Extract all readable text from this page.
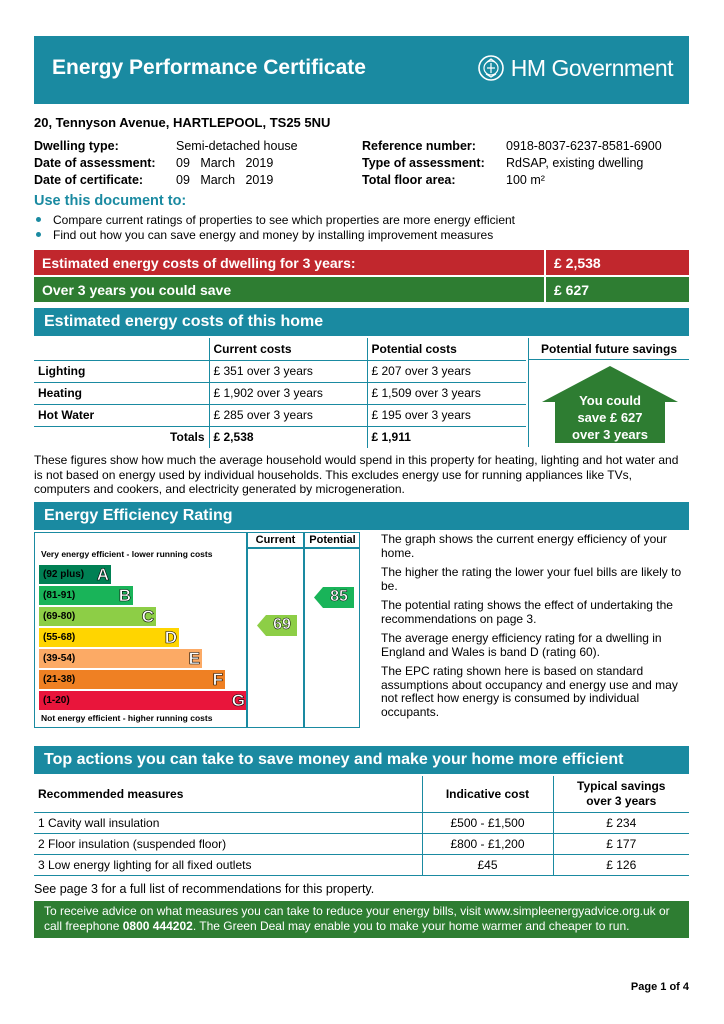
Energy Performance Certificate	HM Government
20, Tennyson Avenue, HARTLEPOOL, TS25 5NU
Dwelling type:	Semi-detached house
Date of assessment:	09   March   2019
Date of certificate:	09   March   2019
Reference number:	0918-8037-6237-8581-6900
Type of assessment:	RdSAP, existing dwelling
Total floor area:	100 m²
Use this document to:
Compare current ratings of properties to see which properties are more energy efficient
Find out how you can save energy and money by installing improvement measures
Estimated energy costs of dwelling for 3 years:	£ 2,538
Over 3 years you could save	£ 627
Estimated energy costs of this home
	Current costs	Potential costs
Lighting	£ 351 over 3 years	£ 207 over 3 years
Heating	£ 1,902 over 3 years	£ 1,509 over 3 years
Hot Water	£ 285 over 3 years	£ 195 over 3 years
Totals	£ 2,538	£ 1,911
Potential future savings
You could
save £ 627
over 3 years
These figures show how much the average household would spend in this property for heating, lighting and hot water and is not based on energy used by individual households. This excludes energy use for running appliances like TVs, computers and cookers, and electricity generated by microgeneration.
Energy Efficiency Rating
Very energy efficient - lower running costs
(92 plus) A
(81-91)	B
(69-80)	C
(55-68)	D
(39-54)	E
(21-38)	F
(1-20)	G
Not energy efficient - higher running costs
Current	Potential
69
85

The graph shows the current energy efficiency of your home.

The higher the rating the lower your fuel bills are likely to be.

The potential rating shows the effect of undertaking the recommendations on page 3.

The average energy efficiency rating for a dwelling in England and Wales is band D (rating 60).

The EPC rating shown here is based on standard assumptions about occupancy and energy use and may not reflect how energy is consumed by individual occupants.

Top actions you can take to save money and make your home more efficient
Recommended measures	Indicative cost	Typical savings
over 3 years

1 Cavity wall insulation	£500 - £1,500	£ 234
2 Floor insulation (suspended floor)	£800 - £1,200	£ 177
3 Low energy lighting for all fixed outlets	£45	£ 126
See page 3 for a full list of recommendations for this property.
To receive advice on what measures you can take to reduce your energy bills, visit www.simpleenergyadvice.org.uk or
call freephone 0800 444202. The Green Deal may enable you to make your home warmer and cheaper to run.
Page 1 of 4
